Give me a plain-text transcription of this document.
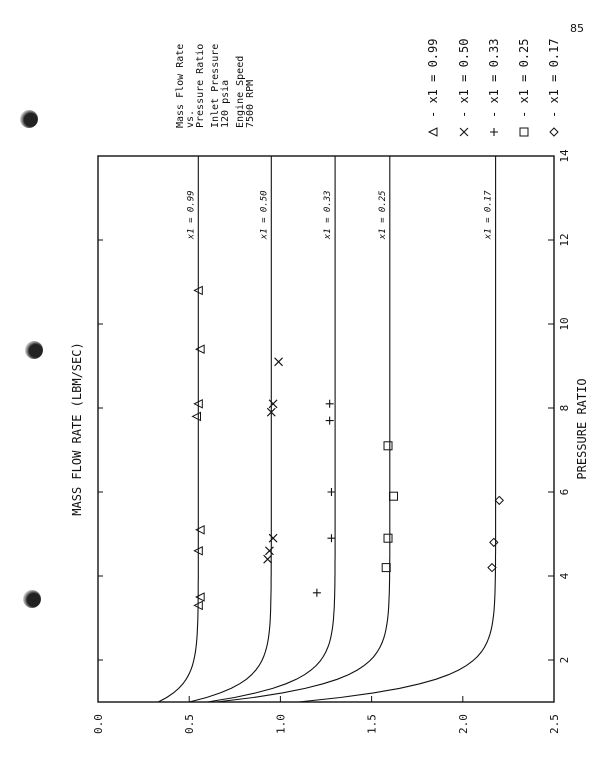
85
2
4
6
8
10
12
14
0.0	0.5	1.0	1.5	2.0	2.5
x1 = 0.17
x1 = 0.25
x1 = 0.33
x1 = 0.50
x1 = 0.99
PRESSURE RATIO
MASS FLOW RATE (LBM/SEC)
Mass Flow Rate vs. Pressure Ratio Inlet Pressure 120 psia Engine Speed 7500 RPM	- x1 = 0.99 - x1 = 0.50 - x1 = 0.33 - x1 = 0.25 - x1 = 0.17
